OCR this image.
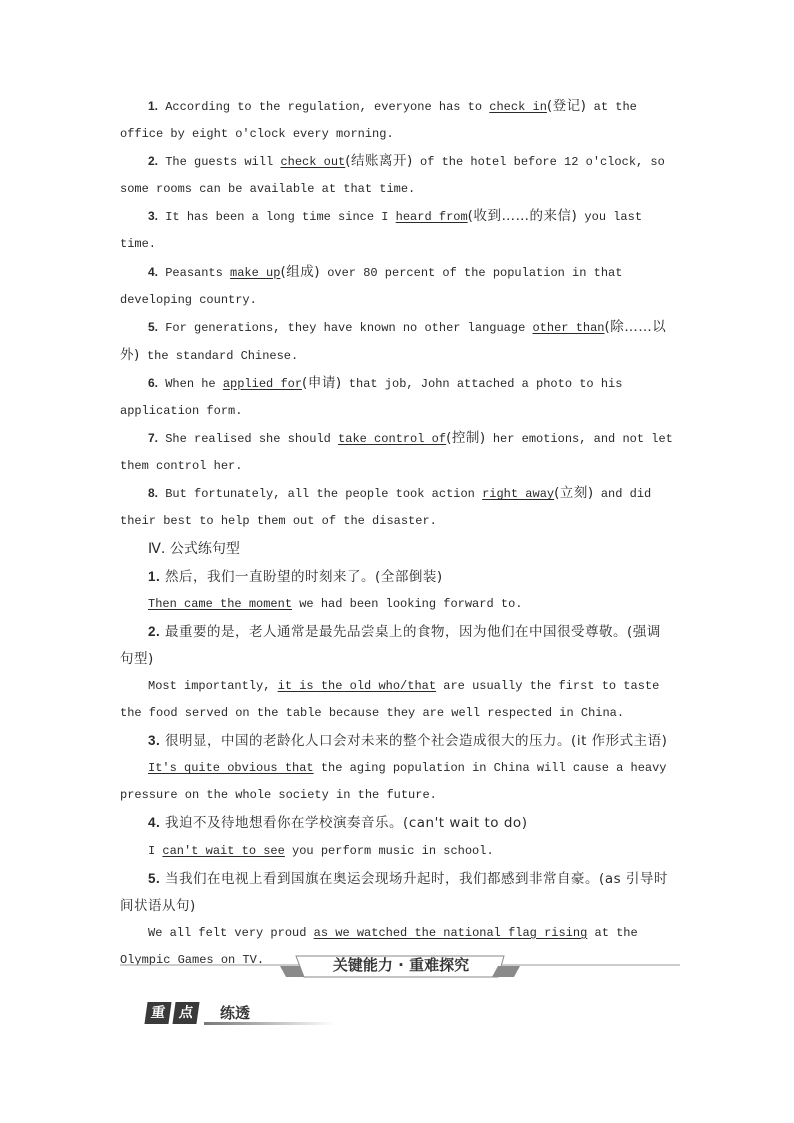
1. According to the regulation, everyone has to check in(登记) at the office by eight o'clock every morning.

2. The guests will check out(结账离开) of the hotel before 12 o'clock, so some rooms can be available at that time.

3. It has been a long time since I heard from(收到……的来信) you last time.

4. Peasants make up(组成) over 80 percent of the population in that developing country.

5. For generations, they have known no other language other than(除……以外) the standard Chinese.

6. When he applied for(申请) that job, John attached a photo to his application form.

7. She realised she should take control of(控制) her emotions, and not let them control her.

8. But fortunately, all the people took action right away(立刻) and did their best to help them out of the disaster.

Ⅳ. 公式练句型

1. 然后，我们一直盼望的时刻来了。(全部倒装)

Then came the moment we had been looking forward to.

2. 最重要的是，老人通常是最先品尝桌上的食物，因为他们在中国很受尊敬。(强调句型)

Most importantly, it is the old who/that are usually the first to taste the food served on the table because they are well respected in China.

3. 很明显，中国的老龄化人口会对未来的整个社会造成很大的压力。(it 作形式主语)

It's quite obvious that the aging population in China will cause a heavy pressure on the whole society in the future.

4. 我迫不及待地想看你在学校演奏音乐。(can't wait to do)

I can't wait to see you perform music in school.

5. 当我们在电视上看到国旗在奥运会现场升起时，我们都感到非常自豪。(as 引导时间状语从句)

We all felt very proud as we watched the national flag rising at the Olympic Games on TV.	关键能力 · 重难探究
重 点	练透
